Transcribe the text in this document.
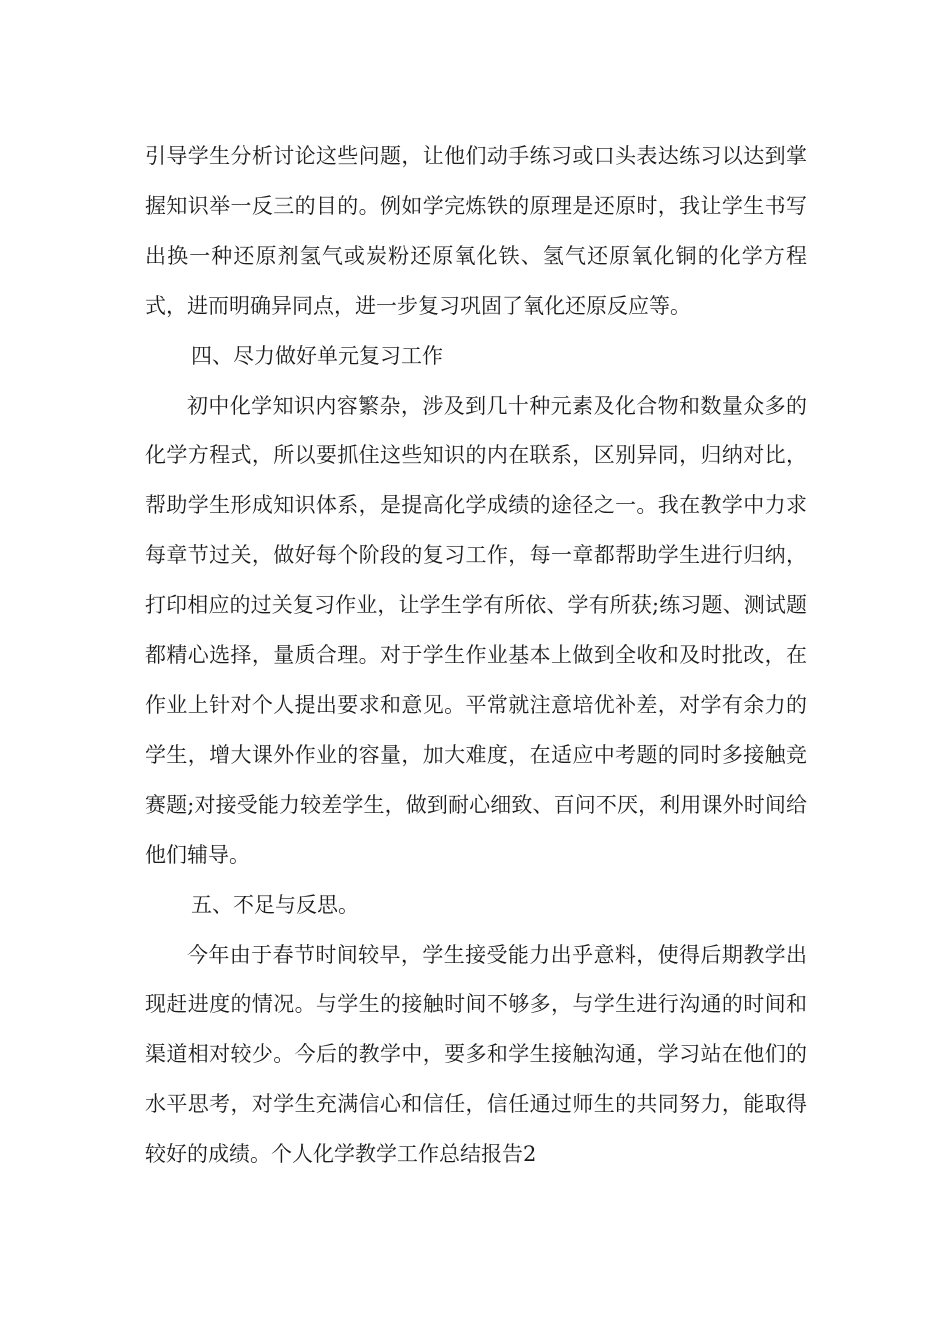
引导学生分析讨论这些问题，让他们动手练习或口头表达练习以达到掌握知识举一反三的目的。例如学完炼铁的原理是还原时，我让学生书写出换一种还原剂氢气或炭粉还原氧化铁、氢气还原氧化铜的化学方程式，进而明确异同点，进一步复习巩固了氧化还原反应等。

四、尽力做好单元复习工作

初中化学知识内容繁杂，涉及到几十种元素及化合物和数量众多的化学方程式，所以要抓住这些知识的内在联系，区别异同，归纳对比，帮助学生形成知识体系，是提高化学成绩的途径之一。我在教学中力求每章节过关，做好每个阶段的复习工作，每一章都帮助学生进行归纳，打印相应的过关复习作业，让学生学有所依、学有所获;练习题、测试题都精心选择，量质合理。对于学生作业基本上做到全收和及时批改，在作业上针对个人提出要求和意见。平常就注意培优补差，对学有余力的学生，增大课外作业的容量，加大难度，在适应中考题的同时多接触竞赛题;对接受能力较差学生，做到耐心细致、百问不厌，利用课外时间给他们辅导。

五、不足与反思。

今年由于春节时间较早，学生接受能力出乎意料，使得后期教学出现赶进度的情况。与学生的接触时间不够多，与学生进行沟通的时间和渠道相对较少。今后的教学中，要多和学生接触沟通，学习站在他们的水平思考，对学生充满信心和信任，信任通过师生的共同努力，能取得较好的成绩。个人化学教学工作总结报告2
